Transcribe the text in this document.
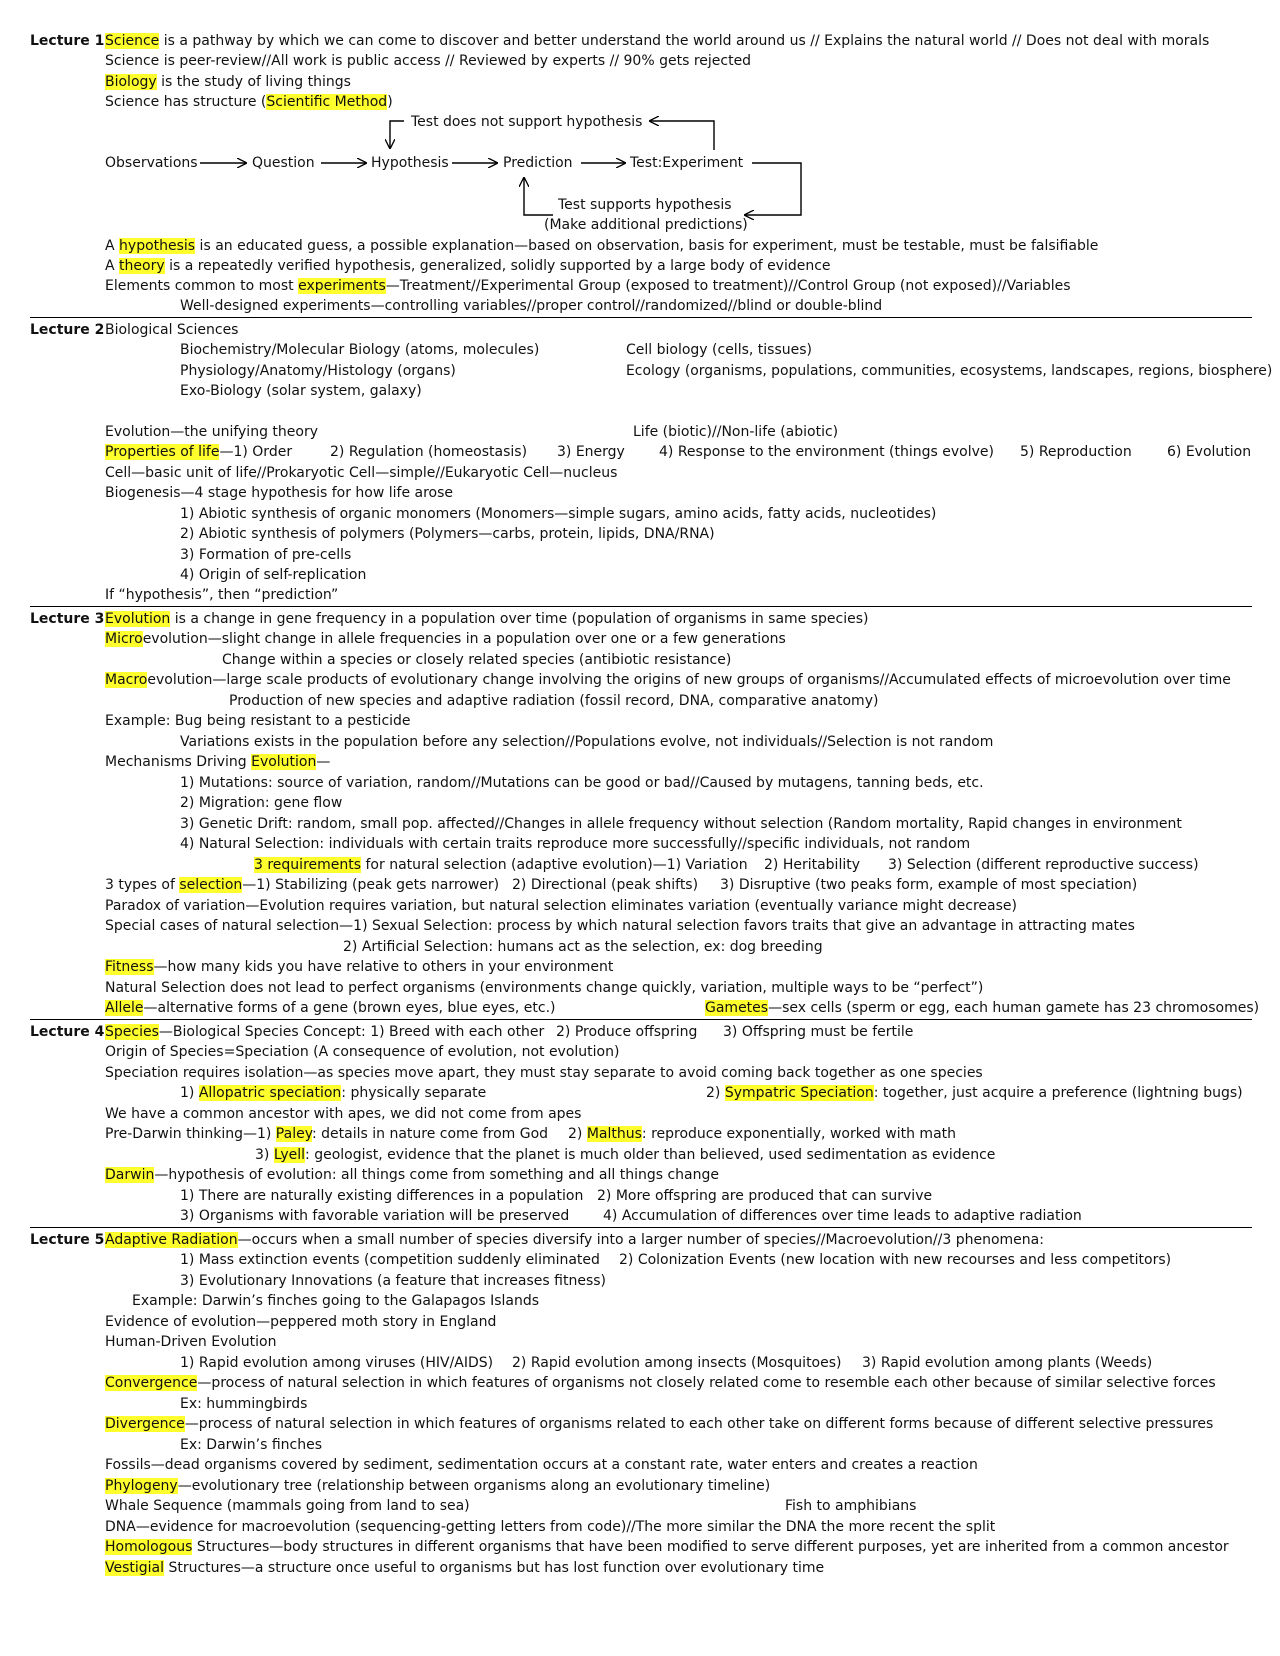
Lecture 1 Science is a pathway by which we can come to discover and better understand the world around us // Explains the natural world // Does not deal with morals
Science is peer-review//All work is public access // Reviewed by experts // 90% gets rejected
Biology is the study of living things
Science has structure (Scientific Method)
Test does not support hypothesis
Observations	Question	Hypothesis	Prediction	Test:Experiment
Test supports hypothesis
(Make additional predictions)
A hypothesis is an educated guess, a possible explanation—based on observation, basis for experiment, must be testable, must be falsifiable
A theory is a repeatedly verified hypothesis, generalized, solidly supported by a large body of evidence
Elements common to most experiments—Treatment//Experimental Group (exposed to treatment)//Control Group (not exposed)//Variables
Well-designed experiments—controlling variables//proper control//randomized//blind or double-blind
Lecture 2 Biological Sciences
Biochemistry/Molecular Biology (atoms, molecules)	Cell biology (cells, tissues)
Physiology/Anatomy/Histology (organs)	Ecology (organisms, populations, communities, ecosystems, landscapes, regions, biosphere)
Exo-Biology (solar system, galaxy)
Evolution—the unifying theory	Life (biotic)//Non-life (abiotic)
Properties of life—1) Order	2) Regulation (homeostasis) 3) Energy 4) Response to the environment (things evolve) 5) Reproduction	6) Evolution
Cell—basic unit of life//Prokaryotic Cell—simple//Eukaryotic Cell—nucleus
Biogenesis—4 stage hypothesis for how life arose
1) Abiotic synthesis of organic monomers (Monomers—simple sugars, amino acids, fatty acids, nucleotides)
2) Abiotic synthesis of polymers (Polymers—carbs, protein, lipids, DNA/RNA)
3) Formation of pre-cells
4) Origin of self-replication
If “hypothesis”, then “prediction”
Lecture 3 Evolution is a change in gene frequency in a population over time (population of organisms in same species)
Microevolution—slight change in allele frequencies in a population over one or a few generations
Change within a species or closely related species (antibiotic resistance)
Macroevolution—large scale products of evolutionary change involving the origins of new groups of organisms//Accumulated effects of microevolution over time
Production of new species and adaptive radiation (fossil record, DNA, comparative anatomy)
Example: Bug being resistant to a pesticide
Variations exists in the population before any selection//Populations evolve, not individuals//Selection is not random
Mechanisms Driving Evolution—
1) Mutations: source of variation, random//Mutations can be good or bad//Caused by mutagens, tanning beds, etc.
2) Migration: gene flow
3) Genetic Drift: random, small pop. affected//Changes in allele frequency without selection (Random mortality, Rapid changes in environment
4) Natural Selection: individuals with certain traits reproduce more successfully//specific individuals, not random
3 requirements for natural selection (adaptive evolution)—1) Variation 2) Heritability 3) Selection (different reproductive success)
3 types of selection—1) Stabilizing (peak gets narrower) 2) Directional (peak shifts) 3) Disruptive (two peaks form, example of most speciation)
Paradox of variation—Evolution requires variation, but natural selection eliminates variation (eventually variance might decrease)
Special cases of natural selection—1) Sexual Selection: process by which natural selection favors traits that give an advantage in attracting mates
2) Artificial Selection: humans act as the selection, ex: dog breeding
Fitness—how many kids you have relative to others in your environment
Natural Selection does not lead to perfect organisms (environments change quickly, variation, multiple ways to be “perfect”)
Allele—alternative forms of a gene (brown eyes, blue eyes, etc.)	Gametes—sex cells (sperm or egg, each human gamete has 23 chromosomes)
Lecture 4 Species—Biological Species Concept: 1) Breed with each other 2) Produce offspring 3) Offspring must be fertile
Origin of Species=Speciation (A consequence of evolution, not evolution)
Speciation requires isolation—as species move apart, they must stay separate to avoid coming back together as one species
1) Allopatric speciation: physically separate	2) Sympatric Speciation: together, just acquire a preference (lightning bugs)
We have a common ancestor with apes, we did not come from apes
Pre-Darwin thinking—1) Paley: details in nature come from God 2) Malthus: reproduce exponentially, worked with math
3) Lyell: geologist, evidence that the planet is much older than believed, used sedimentation as evidence
Darwin—hypothesis of evolution: all things come from something and all things change
1) There are naturally existing differences in a population 2) More offspring are produced that can survive
3) Organisms with favorable variation will be preserved 4) Accumulation of differences over time leads to adaptive radiation
Lecture 5 Adaptive Radiation—occurs when a small number of species diversify into a larger number of species//Macroevolution//3 phenomena:
1) Mass extinction events (competition suddenly eliminated 2) Colonization Events (new location with new recourses and less competitors)
3) Evolutionary Innovations (a feature that increases fitness)
Example: Darwin’s finches going to the Galapagos Islands
Evidence of evolution—peppered moth story in England
Human-Driven Evolution
1) Rapid evolution among viruses (HIV/AIDS) 2) Rapid evolution among insects (Mosquitoes) 3) Rapid evolution among plants (Weeds)
Convergence—process of natural selection in which features of organisms not closely related come to resemble each other because of similar selective forces
Ex: hummingbirds
Divergence—process of natural selection in which features of organisms related to each other take on different forms because of different selective pressures
Ex: Darwin’s finches
Fossils—dead organisms covered by sediment, sedimentation occurs at a constant rate, water enters and creates a reaction
Phylogeny—evolutionary tree (relationship between organisms along an evolutionary timeline)
Whale Sequence (mammals going from land to sea)	Fish to amphibians
DNA—evidence for macroevolution (sequencing-getting letters from code)//The more similar the DNA the more recent the split
Homologous Structures—body structures in different organisms that have been modified to serve different purposes, yet are inherited from a common ancestor
Vestigial Structures—a structure once useful to organisms but has lost function over evolutionary time
